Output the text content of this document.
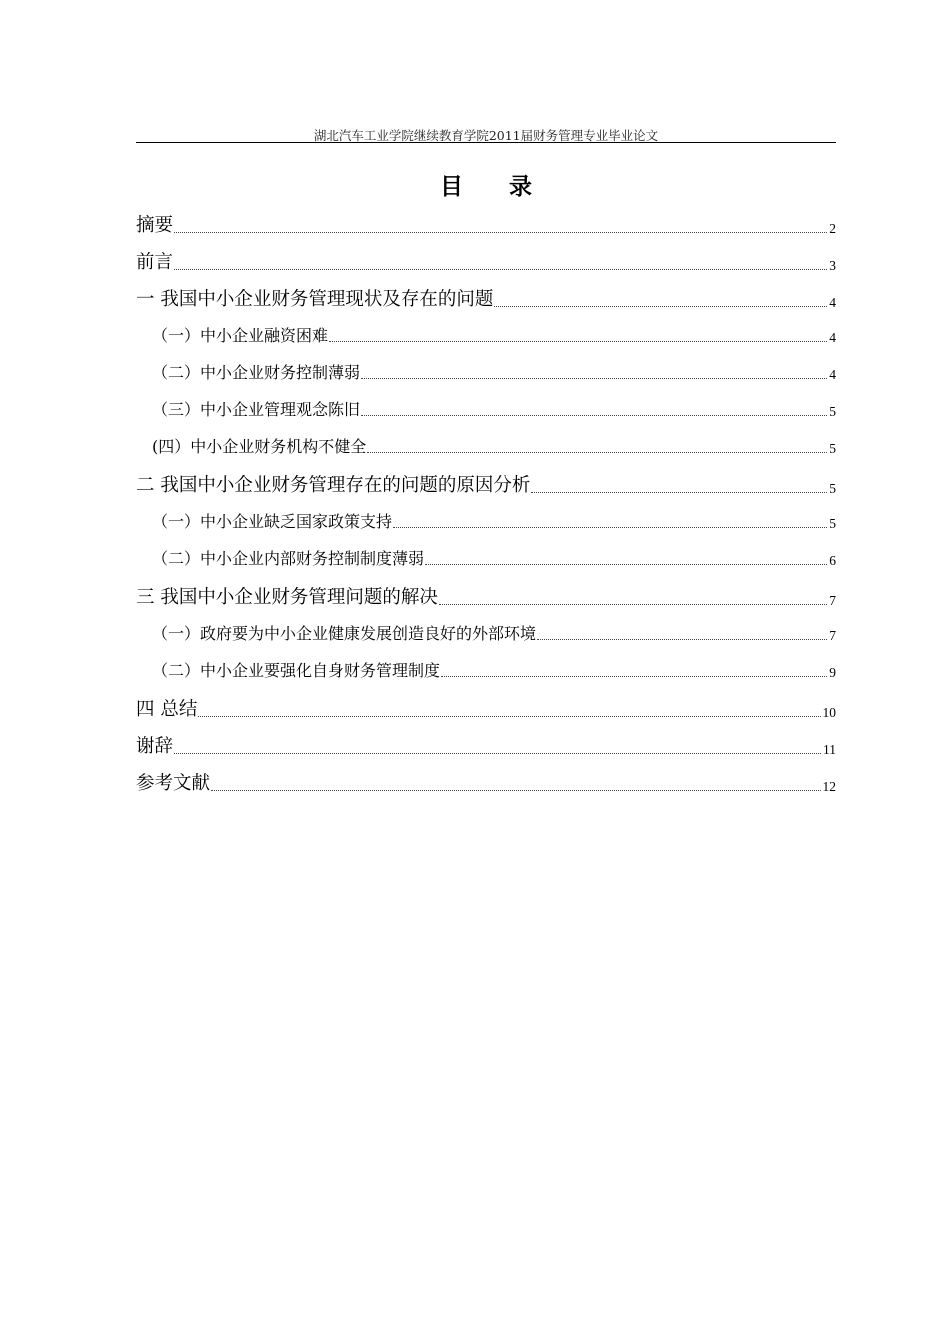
湖北汽车工业学院继续教育学院2011届财务管理专业毕业论文
目 录
摘要	2
前言	3
一 我国中小企业财务管理现状及存在的问题	4
（一）中小企业融资困难	4
（二）中小企业财务控制薄弱	4
（三）中小企业管理观念陈旧	5
(四）中小企业财务机构不健全	5
二 我国中小企业财务管理存在的问题的原因分析	5
（一）中小企业缺乏国家政策支持	5
（二）中小企业内部财务控制制度薄弱	6
三 我国中小企业财务管理问题的解决	7
（一）政府要为中小企业健康发展创造良好的外部环境	7
（二）中小企业要强化自身财务管理制度	9
四 总结	10
谢辞	11
参考文献	12
